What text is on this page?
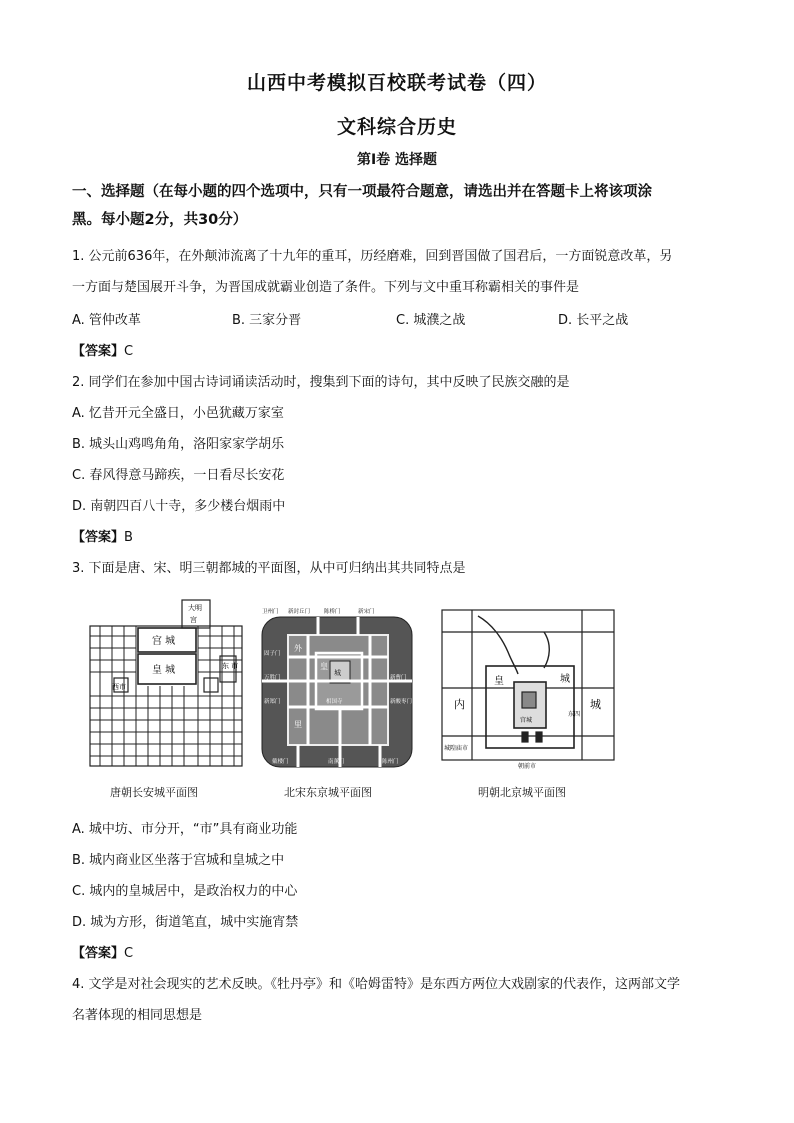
山西中考模拟百校联考试卷（四）
文科综合历史
第Ⅰ卷 选择题
一、选择题（在每小题的四个选项中，只有一项最符合题意，请选出并在答题卡上将该项涂
黑。每小题2分，共30分）
1. 公元前636年，在外颠沛流离了十九年的重耳，历经磨难，回到晋国做了国君后，一方面锐意改革，另
一方面与楚国展开斗争，为晋国成就霸业创造了条件。下列与文中重耳称霸相关的事件是
A. 管仲改革	B. 三家分晋	C. 城濮之战	D. 长平之战
【答案】C
2. 同学们在参加中国古诗词诵读活动时，搜集到下面的诗句，其中反映了民族交融的是
A. 忆昔开元全盛日，小邑犹藏万家室
B. 城头山鸡鸣角角，洛阳家家学胡乐
C. 春风得意马蹄疾，一日看尽长安花
D. 南朝四百八十寺，多少楼台烟雨中
【答案】B
3. 下面是唐、宋、明三朝都城的平面图，从中可归纳出其共同特点是
大明
宫
宫 城
皇 城
西市
东 市
唐朝长安城平面图
卫州门 新封丘门	陈桥门	新宋门
固子门
万胜门
新郑门
新曹门
新酸枣门
戴楼门	南薰门	陈州门
外
皇
里
相国寺
城
北宋东京城平面图
皇	城
内	城
宫城
东四
城隍庙市
朝前市
明朝北京城平面图
A. 城中坊、市分开，“市”具有商业功能
B. 城内商业区坐落于宫城和皇城之中
C. 城内的皇城居中，是政治权力的中心
D. 城为方形，街道笔直，城中实施宵禁
【答案】C
4. 文学是对社会现实的艺术反映。《牡丹亭》和《哈姆雷特》是东西方两位大戏剧家的代表作，这两部文学
名著体现的相同思想是
